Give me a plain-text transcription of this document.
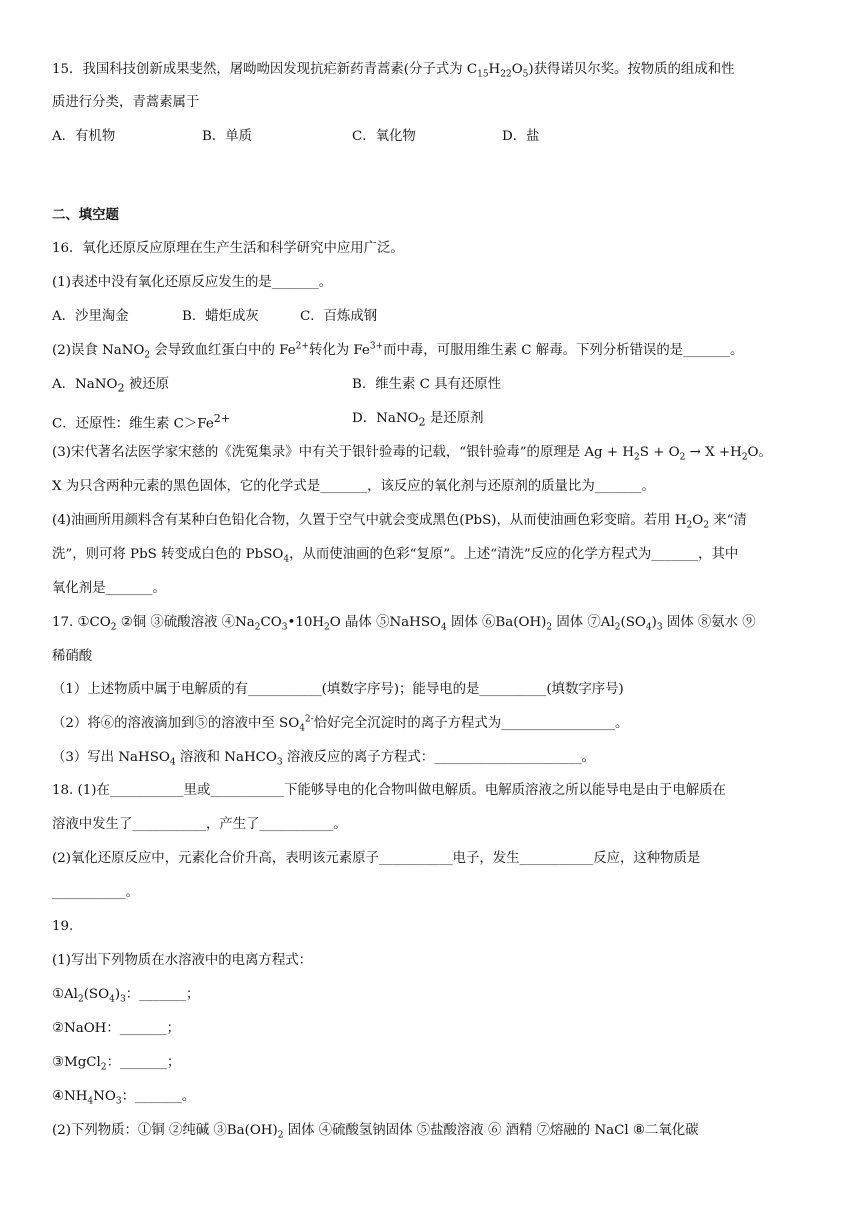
15．我国科技创新成果斐然，屠呦呦因发现抗疟新药青蒿素(分子式为 $C_{15}H_{22}O_5$)获得诺贝尔奖。按物质的组成和性
质进行分类，青蒿素属于
A．有机物	B．单质	C．氧化物	D．盐
二、填空题
16．氧化还原反应原理在生产生活和科学研究中应用广泛。
(1)表述中没有氧化还原反应发生的是_______。
A．沙里淘金	B．蜡炬成灰	C．百炼成钢
(2)误食 NaNO$_2$ 会导致血红蛋白中的 $Fe^{2+}$转化为 $Fe^{3+}$而中毒，可服用维生素 C 解毒。下列分析错误的是_______。
A．NaNO$_2$ 被还原	B．维生素 C 具有还原性
C．还原性：维生素 $C>Fe^{2+}$	D．NaNO$_2$ 是还原剂
(3)宋代著名法医学家宋慈的《洗冤集录》中有关于银针验毒的记载，“银针验毒”的原理是 $Ag + H_2S + O_2 \to X +H_2O$。
X 为只含两种元素的黑色固体，它的化学式是_______，该反应的氧化剂与还原剂的质量比为_______。
(4)油画所用颜料含有某种白色铅化合物，久置于空气中就会变成黑色(PbS)，从而使油画色彩变暗。若用 $H_2O_2$ 来“清
洗”，则可将 PbS 转变成白色的 PbSO$_4$，从而使油画的色彩“复原”。上述“清洗”反应的化学方程式为_______，其中
氧化剂是_______。
17. $①CO_2$ ②铜 ③硫酸溶液 $④Na_2CO_3•10H_2O$ 晶体 ⑤NaHSO$_4$ 固体 $⑥Ba(OH)_2$ 固体 $⑦Al_2(SO_4)_3$ 固体 ⑧氨水 ⑨
稀硝酸
（1）上述物质中属于电解质的有___________(填数字序号)；能导电的是__________(填数字序号)
（2）将⑥的溶液滴加到⑤的溶液中至 $SO_4^{2-}$恰好完全沉淀时的离子方程式为_________________。
（3）写出 NaHSO$_4$ 溶液和 NaHCO$_3$ 溶液反应的离子方程式：______________________。
18. (1)在___________里或___________下能够导电的化合物叫做电解质。电解质溶液之所以能导电是由于电解质在
溶液中发生了___________，产生了___________。
(2)氧化还原反应中，元素化合价升高，表明该元素原子___________电子，发生___________反应，这种物质是
___________。
19.
(1)写出下列物质在水溶液中的电离方程式：
$①Al_2(SO_4)_3$：_______；
②NaOH：_______；
③MgCl$_2$：_______；
$④NH_4NO_3$：_______。
(2)下列物质：①铜 ②纯碱 $③Ba(OH)_2$ 固体 ④硫酸氢钠固体 ⑤盐酸溶液 ⑥ 酒精 ⑦熔融的 NaCl ⑧二氧化碳
